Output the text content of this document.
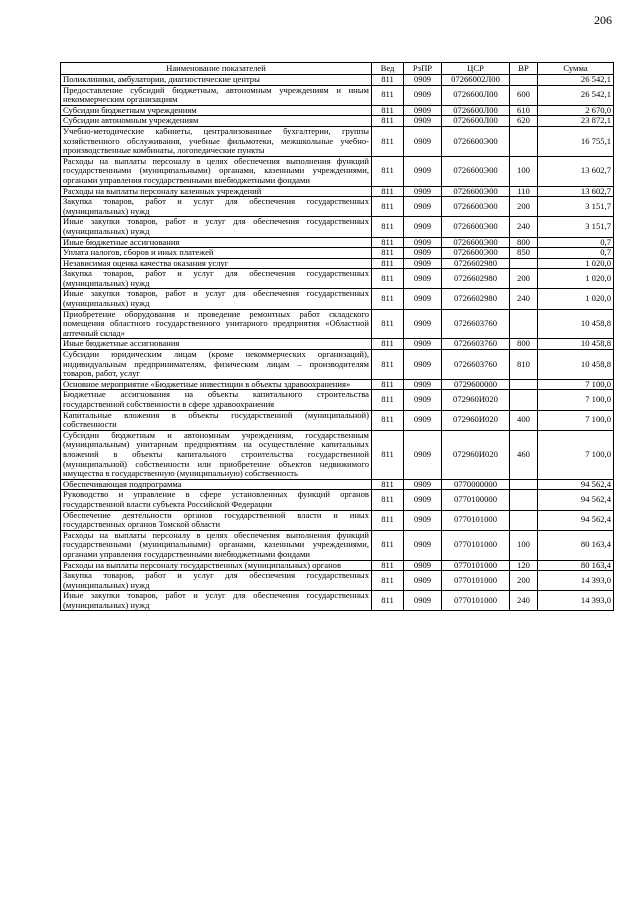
206
Наименование показателей	Вед	РзПР	ЦСР	ВР	Сумма
Поликлиники, амбулатории, диагностические центры	811	0909	07266002Л00		26 542,1
Предоставление субсидий бюджетным, автономным учреждениям и иным некоммерческим организациям	811	0909	0726600Л00	600	26 542,1
Субсидии бюджетным учреждениям	811	0909	0726600Л00	610	2 670,0
Субсидии автономным учреждениям	811	0909	0726600Л00	620	23 872,1
Учебно-методические кабинеты, централизованные бухгалтерии, группы хозяйственного обслуживания, учебные фильмотеки, межшкольные учебно-производственные комбинаты, логопедические пункты	811	0909	0726600Э00		16 755,1
Расходы на выплаты персоналу в целях обеспечения выполнения функций государственными (муниципальными) органами, казенными учреждениями, органами управления государственными внебюджетными фондами	811	0909	0726600Э00	100	13 602,7
Расходы на выплаты персоналу казенных учреждений	811	0909	0726600Э00	110	13 602,7
Закупка товаров, работ и услуг для обеспечения государственных (муниципальных) нужд	811	0909	0726600Э00	200	3 151,7
Иные закупки товаров, работ и услуг для обеспечения государственных (муниципальных) нужд	811	0909	0726600Э00	240	3 151,7
Иные бюджетные ассигнования	811	0909	0726600Э00	800	0,7
Уплата налогов, сборов и иных платежей	811	0909	0726600Э00	850	0,7
Независимая оценка качества оказания услуг	811	0909	0726602980		1 020,0
Закупка товаров, работ и услуг для обеспечения государственных (муниципальных) нужд	811	0909	0726602980	200	1 020,0
Иные закупки товаров, работ и услуг для обеспечения государственных (муниципальных) нужд	811	0909	0726602980	240	1 020,0
Приобретение оборудования и проведение ремонтных работ складского помещения областного государственного унитарного предприятия «Областной аптечный склад»	811	0909	0726603760		10 458,8
Иные бюджетные ассигнования	811	0909	0726603760	800	10 458,8
Субсидии юридическим лицам (кроме некоммерческих организаций), индивидуальным предпринимателям, физическим лицам – производителям товаров, работ, услуг	811	0909	0726603760	810	10 458,8
Основное мероприятие «Бюджетные инвестиции в объекты здравоохранения»	811	0909	0729600000		7 100,0
Бюджетные ассигнования на объекты капитального строительства государственной собственности в сфере здравоохранения	811	0909	072960И020		7 100,0
Капитальные вложения в объекты государственной (муниципальной) собственности	811	0909	072960И020	400	7 100,0
Субсидии бюджетным и автономным учреждениям, государственным (муниципальным) унитарным предприятиям на осуществление капитальных вложений в объекты капитального строительства государственной (муниципальной) собственности или приобретение объектов недвижимого имущества в государственную (муниципальную) собственность	811	0909	072960И020	460	7 100,0
Обеспечивающая подпрограмма	811	0909	0770000000		94 562,4
Руководство и управление в сфере установленных функций органов государственной власти субъекта Российской Федерации	811	0909	0770100000		94 562,4
Обеспечение деятельности органов государственной власти и иных государственных органов Томской области	811	0909	0770101000		94 562,4
Расходы на выплаты персоналу в целях обеспечения выполнения функций государственными (муниципальными) органами, казенными учреждениями, органами управления государственными внебюджетными фондами	811	0909	0770101000	100	80 163,4
Расходы на выплаты персоналу государственных (муниципальных) органов	811	0909	0770101000	120	80 163,4
Закупка товаров, работ и услуг для обеспечения государственных (муниципальных) нужд	811	0909	0770101000	200	14 393,0
Иные закупки товаров, работ и услуг для обеспечения государственных (муниципальных) нужд	811	0909	0770101000	240	14 393,0
